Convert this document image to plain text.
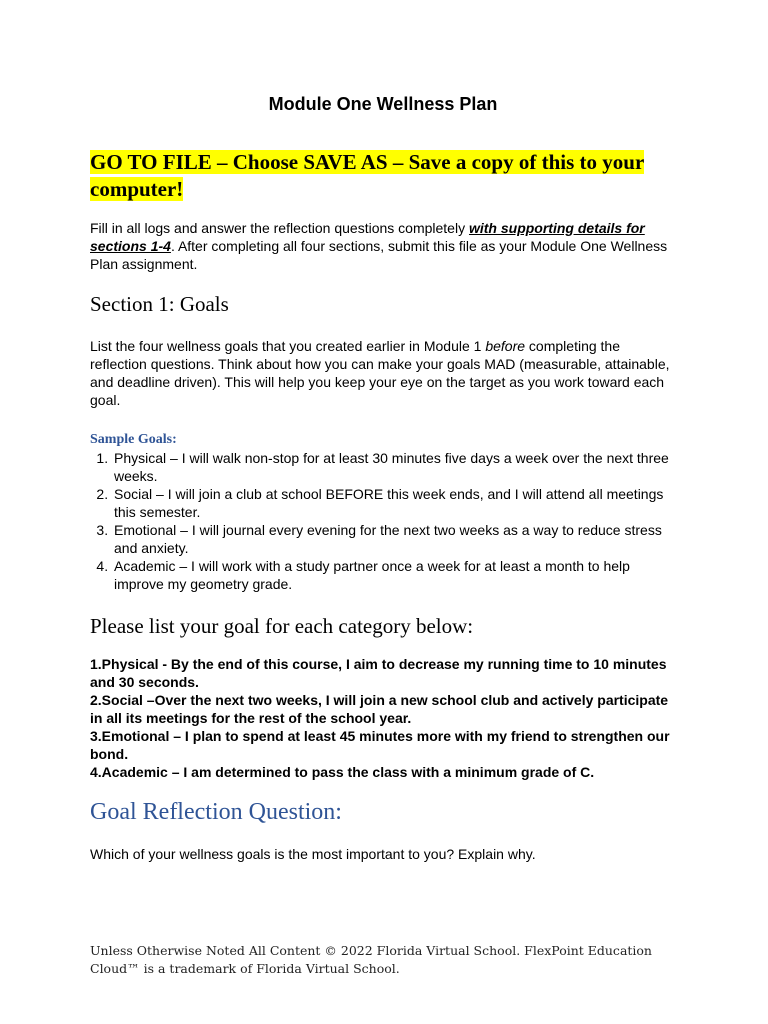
Module One Wellness Plan
GO TO FILE – Choose SAVE AS – Save a copy of this to your computer!

Fill in all logs and answer the reflection questions completely with supporting details for sections 1-4. After completing all four sections, submit this file as your Module One Wellness Plan assignment.

Section 1: Goals

List the four wellness goals that you created earlier in Module 1 before completing the reflection questions. Think about how you can make your goals MAD (measurable, attainable, and deadline driven). This will help you keep your eye on the target as you work toward each goal.

Sample Goals:
1. Physical – I will walk non-stop for at least 30 minutes five days a week over the next three weeks.
2. Social – I will join a club at school BEFORE this week ends, and I will attend all meetings this semester.
3. Emotional – I will journal every evening for the next two weeks as a way to reduce stress and anxiety.
4. Academic – I will work with a study partner once a week for at least a month to help improve my geometry grade.
Please list your goal for each category below:
1.Physical - By the end of this course, I aim to decrease my running time to 10 minutes and 30 seconds.
2.Social –Over the next two weeks, I will join a new school club and actively participate in all its meetings for the rest of the school year.
3.Emotional – I plan to spend at least 45 minutes more with my friend to strengthen our bond.
4.Academic – I am determined to pass the class with a minimum grade of C.
Goal Reflection Question:

Which of your wellness goals is the most important to you? Explain why.

Unless Otherwise Noted All Content © 2022 Florida Virtual School. FlexPoint Education Cloud™ is a trademark of Florida Virtual School.
